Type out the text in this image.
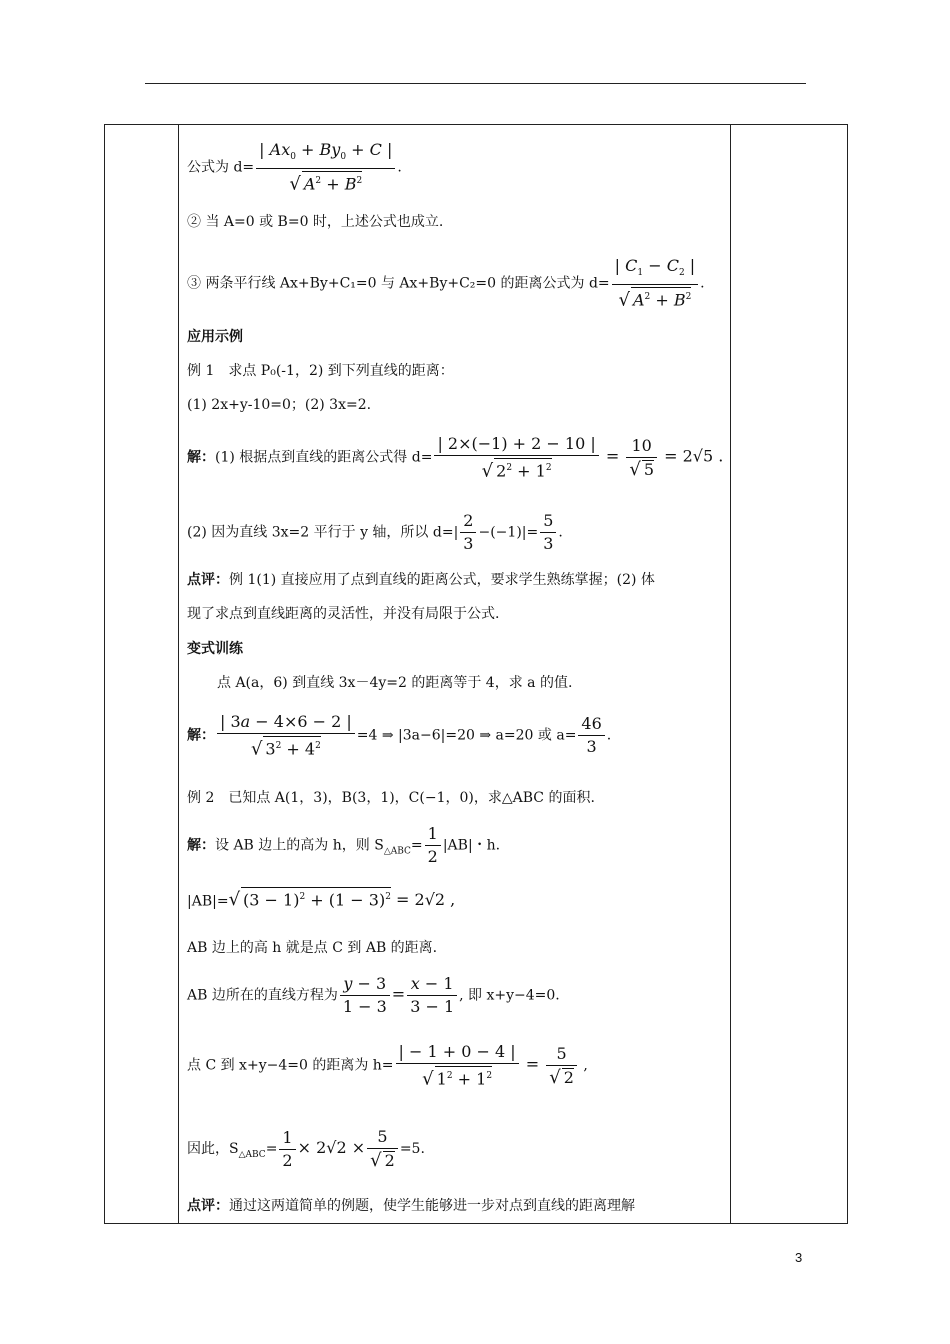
公式为 $d= \frac{| Ax_0 + By_0 + C |}{√ A^2 + B^2}$ .
② 当 A=0 或 B=0 时，上述公式也成立.
③ 两条平行线 Ax+By+C₁=0 与 Ax+By+C₂=0 的距离公式为 $d= \frac{| C_1 - C_2 |}{√ A^2 + B^2}$ .
应用示例
例 1　求点 P₀(-1，2) 到下列直线的距离：
(1) 2x+y-10=0；(2) 3x=2.
解：(1) 根据点到直线的距离公式得 $d= \frac{| 2\times(-1) + 2 - 10 |}{√ 2^2 + 1^2} = \frac{10}{√ 5} = 2√5$ .
(2) 因为直线 3x=2 平行于 y 轴，所以 $d=| \frac{2}{3} -(-1)|= \frac{5}{3}$ .
点评：例 1(1) 直接应用了点到直线的距离公式，要求学生熟练掌握；(2) 体
现了求点到直线距离的灵活性，并没有局限于公式.
变式训练
点 A(a，6) 到直线 3x－4y=2 的距离等于 4，求 a 的值.
解： $\frac{| 3a - 4\times 6 - 2 |}{√ 3^2 + 4^2} =4$ ⇒ |3a−6|=20 ⇒ a=20 或 $a= \frac{46}{3}$ .
例 2　已知点 A(1，3)，B(3，1)，C(−1，0)，求△ABC 的面积.
解：设 AB 边上的高为 h，则 $S_{\triangle ABC}= \frac{1}{2} |AB|$・h.
|AB|=√ $(3 - 1)^2 + (1 - 3)^2 = 2√2$ ,
AB 边上的高 h 就是点 C 到 AB 的距离.
AB 边所在的直线方程为 $\frac{y - 3}{1 - 3} = \frac{x - 1}{3 - 1}$ , 即 x+y−4=0.
点 C 到 x+y−4=0 的距离为 $h= \frac{| - 1 + 0 - 4 |}{√ 1^2 + 1^2} = \frac{5}{√ 2}$ ,
因此，$S_{\triangle ABC}= \frac{1}{2} \times 2√2 \times \frac{5}{√ 2} =5$.
点评：通过这两道简单的例题，使学生能够进一步对点到直线的距离理解

3
